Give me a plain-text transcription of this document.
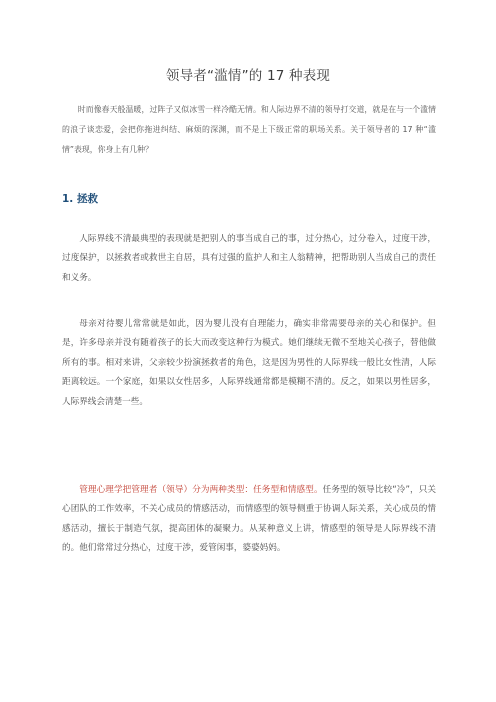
领导者“滥情”的 17 种表现
时而像春天般温暖，过阵子又似冰雪一样冷酷无情。和人际边界不清的领导打交道，就是在与一个滥情的浪子谈恋爱，会把你拖进纠结、麻烦的深渊，而不是上下级正常的职场关系。关于领导者的 17 种“滥情”表现，你身上有几种？
1. 拯救
人际界线不清最典型的表现就是把别人的事当成自己的事，过分热心，过分卷入，过度干涉，过度保护，以拯救者或救世主自居，具有过强的监护人和主人翁精神，把帮助别人当成自己的责任和义务。
母亲对待婴儿常常就是如此，因为婴儿没有自理能力，确实非常需要母亲的关心和保护。但是，许多母亲并没有随着孩子的长大而改变这种行为模式。她们继续无微不至地关心孩子，替他做所有的事。相对来讲，父亲较少扮演拯救者的角色，这是因为男性的人际界线一般比女性清，人际距离较远。一个家庭，如果以女性居多，人际界线通常都是模糊不清的。反之，如果以男性居多，人际界线会清楚一些。
管理心理学把管理者（领导）分为两种类型：任务型和情感型。任务型的领导比较“冷”，只关心团队的工作效率，不关心成员的情感活动，而情感型的领导侧重于协调人际关系，关心成员的情感活动，擅长于制造气氛，提高团体的凝聚力。从某种意义上讲，情感型的领导是人际界线不清的。他们常常过分热心，过度干涉，爱管闲事，婆婆妈妈。
